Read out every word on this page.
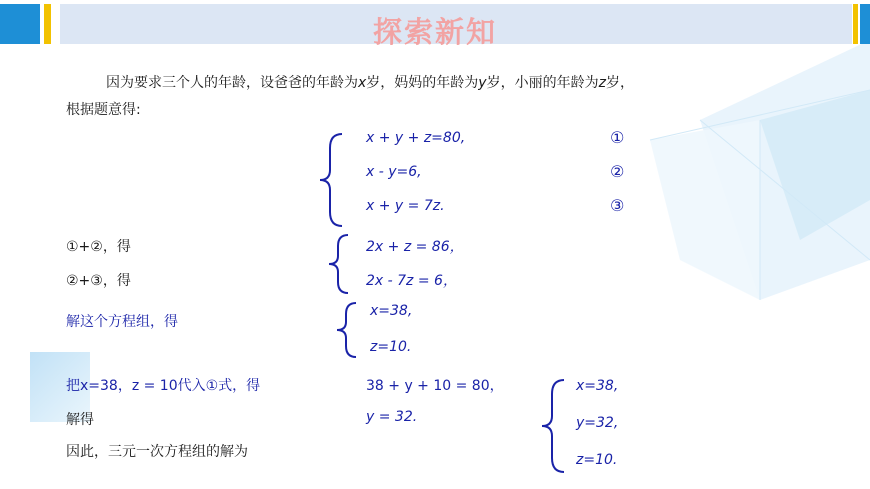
探索新知
因为要求三个人的年龄，设爸爸的年龄为x岁，妈妈的年龄为y岁，小丽的年龄为z岁，
根据题意得:
x + y + z=80,
x - y=6,
x + y = 7z.
①
②
③
①+②，得
②+③，得
2x + z = 86，
2x - 7z = 6，
解这个方程组，得
x=38,
z=10.
把x=38，z = 10代入①式，得
解得
因此，三元一次方程组的解为
38 + y + 10 = 80，
y = 32.
x=38,
y=32,
z=10.
